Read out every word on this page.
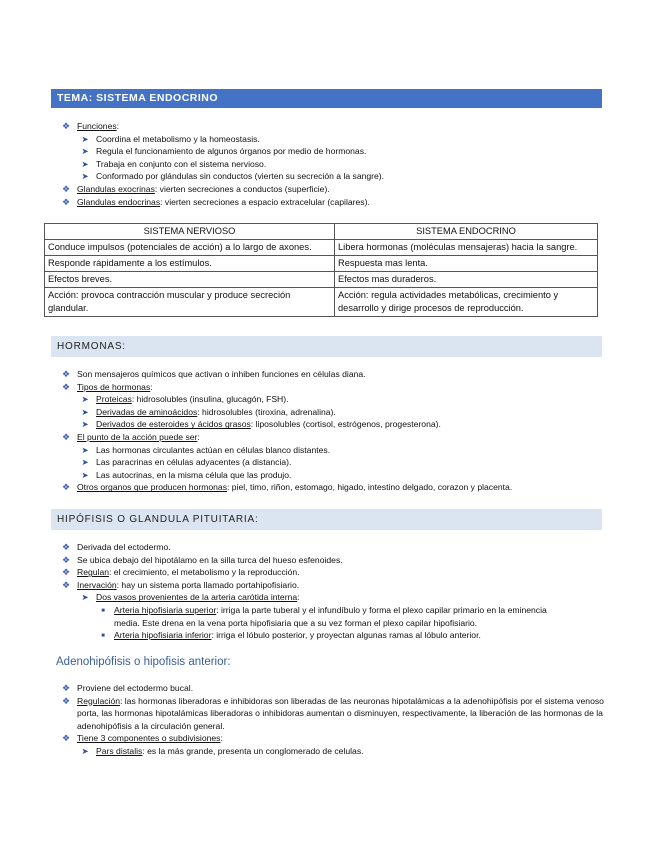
TEMA: SISTEMA ENDOCRINO
❖ Funciones:
➤ Coordina el metabolismo y la homeostasis.
➤ Regula el funcionamiento de algunos órganos por medio de hormonas.
➤ Trabaja en conjunto con el sistema nervioso.
➤ Conformado por glándulas sin conductos (vierten su secreción a la sangre).
❖ Glandulas exocrinas: vierten secreciones a conductos (superficie).
❖ Glandulas endocrinas: vierten secreciones a espacio extracelular (capilares).
SISTEMA NERVIOSO	SISTEMA ENDOCRINO
Conduce impulsos (potenciales de acción) a lo largo de axones.	Libera hormonas (moléculas mensajeras) hacia la sangre.
Responde rápidamente a los estímulos.	Respuesta mas lenta.
Efectos breves.	Efectos mas duraderos.
Acción: provoca contracción muscular y produce secreción glandular.	Acción: regula actividades metabólicas, crecimiento y desarrollo y dirige procesos de reproducción.
HORMONAS:
❖ Son mensajeros químicos que activan o inhiben funciones en células diana.
❖ Tipos de hormonas:
➤ Proteicas: hidrosolubles (insulina, glucagón, FSH).
➤ Derivadas de aminoácidos: hidrosolubles (tiroxina, adrenalina).
➤ Derivados de esteroides y ácidos grasos: liposolubles (cortisol, estrógenos, progesterona).
❖ El punto de la acción puede ser:
➤ Las hormonas circulantes actúan en células blanco distantes.
➤ Las paracrinas en células adyacentes (a distancia).
➤ Las autocrinas, en la misma célula que las produjo.
❖ Otros organos que producen hormonas: piel, timo, riñon, estomago, higado, intestino delgado, corazon y placenta.
HIPÓFISIS O GLANDULA PITUITARIA:
❖ Derivada del ectodermo.
❖ Se ubica debajo del hipotálamo en la silla turca del hueso esfenoides.
❖ Regulan: el crecimiento, el metabolismo y la reproducción.
❖ Inervación: hay un sistema porta llamado portahipofisiario.
➤ Dos vasos provenientes de la arteria carótida interna:
■	Arteria hipofisiaria superior: irriga la parte tuberal y el infundíbulo y forma el plexo capilar primario en la eminencia media. Este drena en la vena porta hipofisiaria que a su vez forman el plexo capilar hipofisiario.
■	Arteria hipofisiaria inferior: irriga el lóbulo posterior, y proyectan algunas ramas al lóbulo anterior.
Adenohipófisis o hipofisis anterior:
❖ Proviene del ectodermo bucal.
❖ Regulación: las hormonas liberadoras e inhibidoras son liberadas de las neuronas hipotalámicas a la adenohipófisis por el sistema venoso porta, las hormonas hipotalámicas liberadoras o inhibidoras aumentan o disminuyen, respectivamente, la liberación de las hormonas de la adenohipófisis a la circulación general.
❖ Tiene 3 componentes o subdivisiones:
➤ Pars distalis: es la más grande, presenta un conglomerado de celulas.
